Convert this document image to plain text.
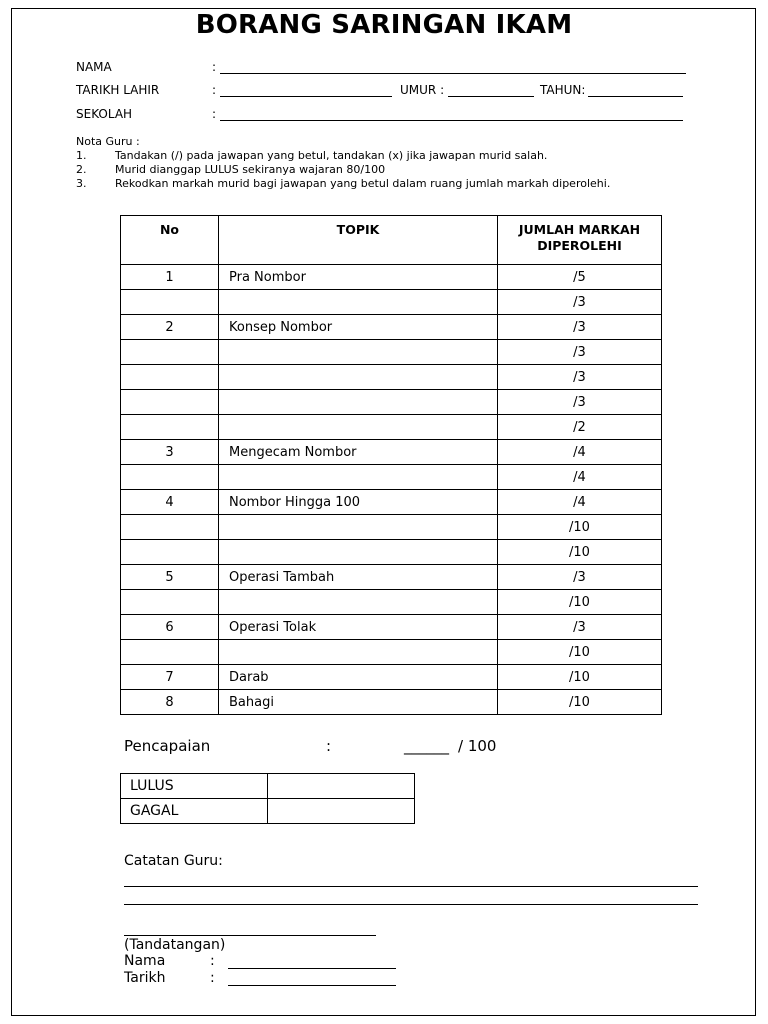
BORANG SARINGAN IKAM
NAMA	:
TARIKH LAHIR	:	UMUR :	TAHUN:
SEKOLAH	:
Nota Guru :
1.	Tandakan (/) pada jawapan yang betul, tandakan (x) jika jawapan murid salah.
2.	Murid dianggap LULUS sekiranya wajaran 80/100
3.	Rekodkan markah murid bagi jawapan yang betul dalam ruang jumlah markah diperolehi.
No	TOPIK	JUMLAH MARKAH DIPEROLEHI
1	Pra Nombor	/5
		/3
2	Konsep Nombor	/3
		/3
		/3
		/3
		/2
3	Mengecam Nombor	/4
		/4
4	Nombor Hingga 100	/4
		/10
		/10
5	Operasi Tambah	/3
		/10
6	Operasi Tolak	/3
		/10
7	Darab	/10
8	Bahagi	/10
Pencapaian	:	______ / 100
LULUS	
GAGAL	
Catatan Guru:
(Tandatangan)
Nama	:
Tarikh	:
